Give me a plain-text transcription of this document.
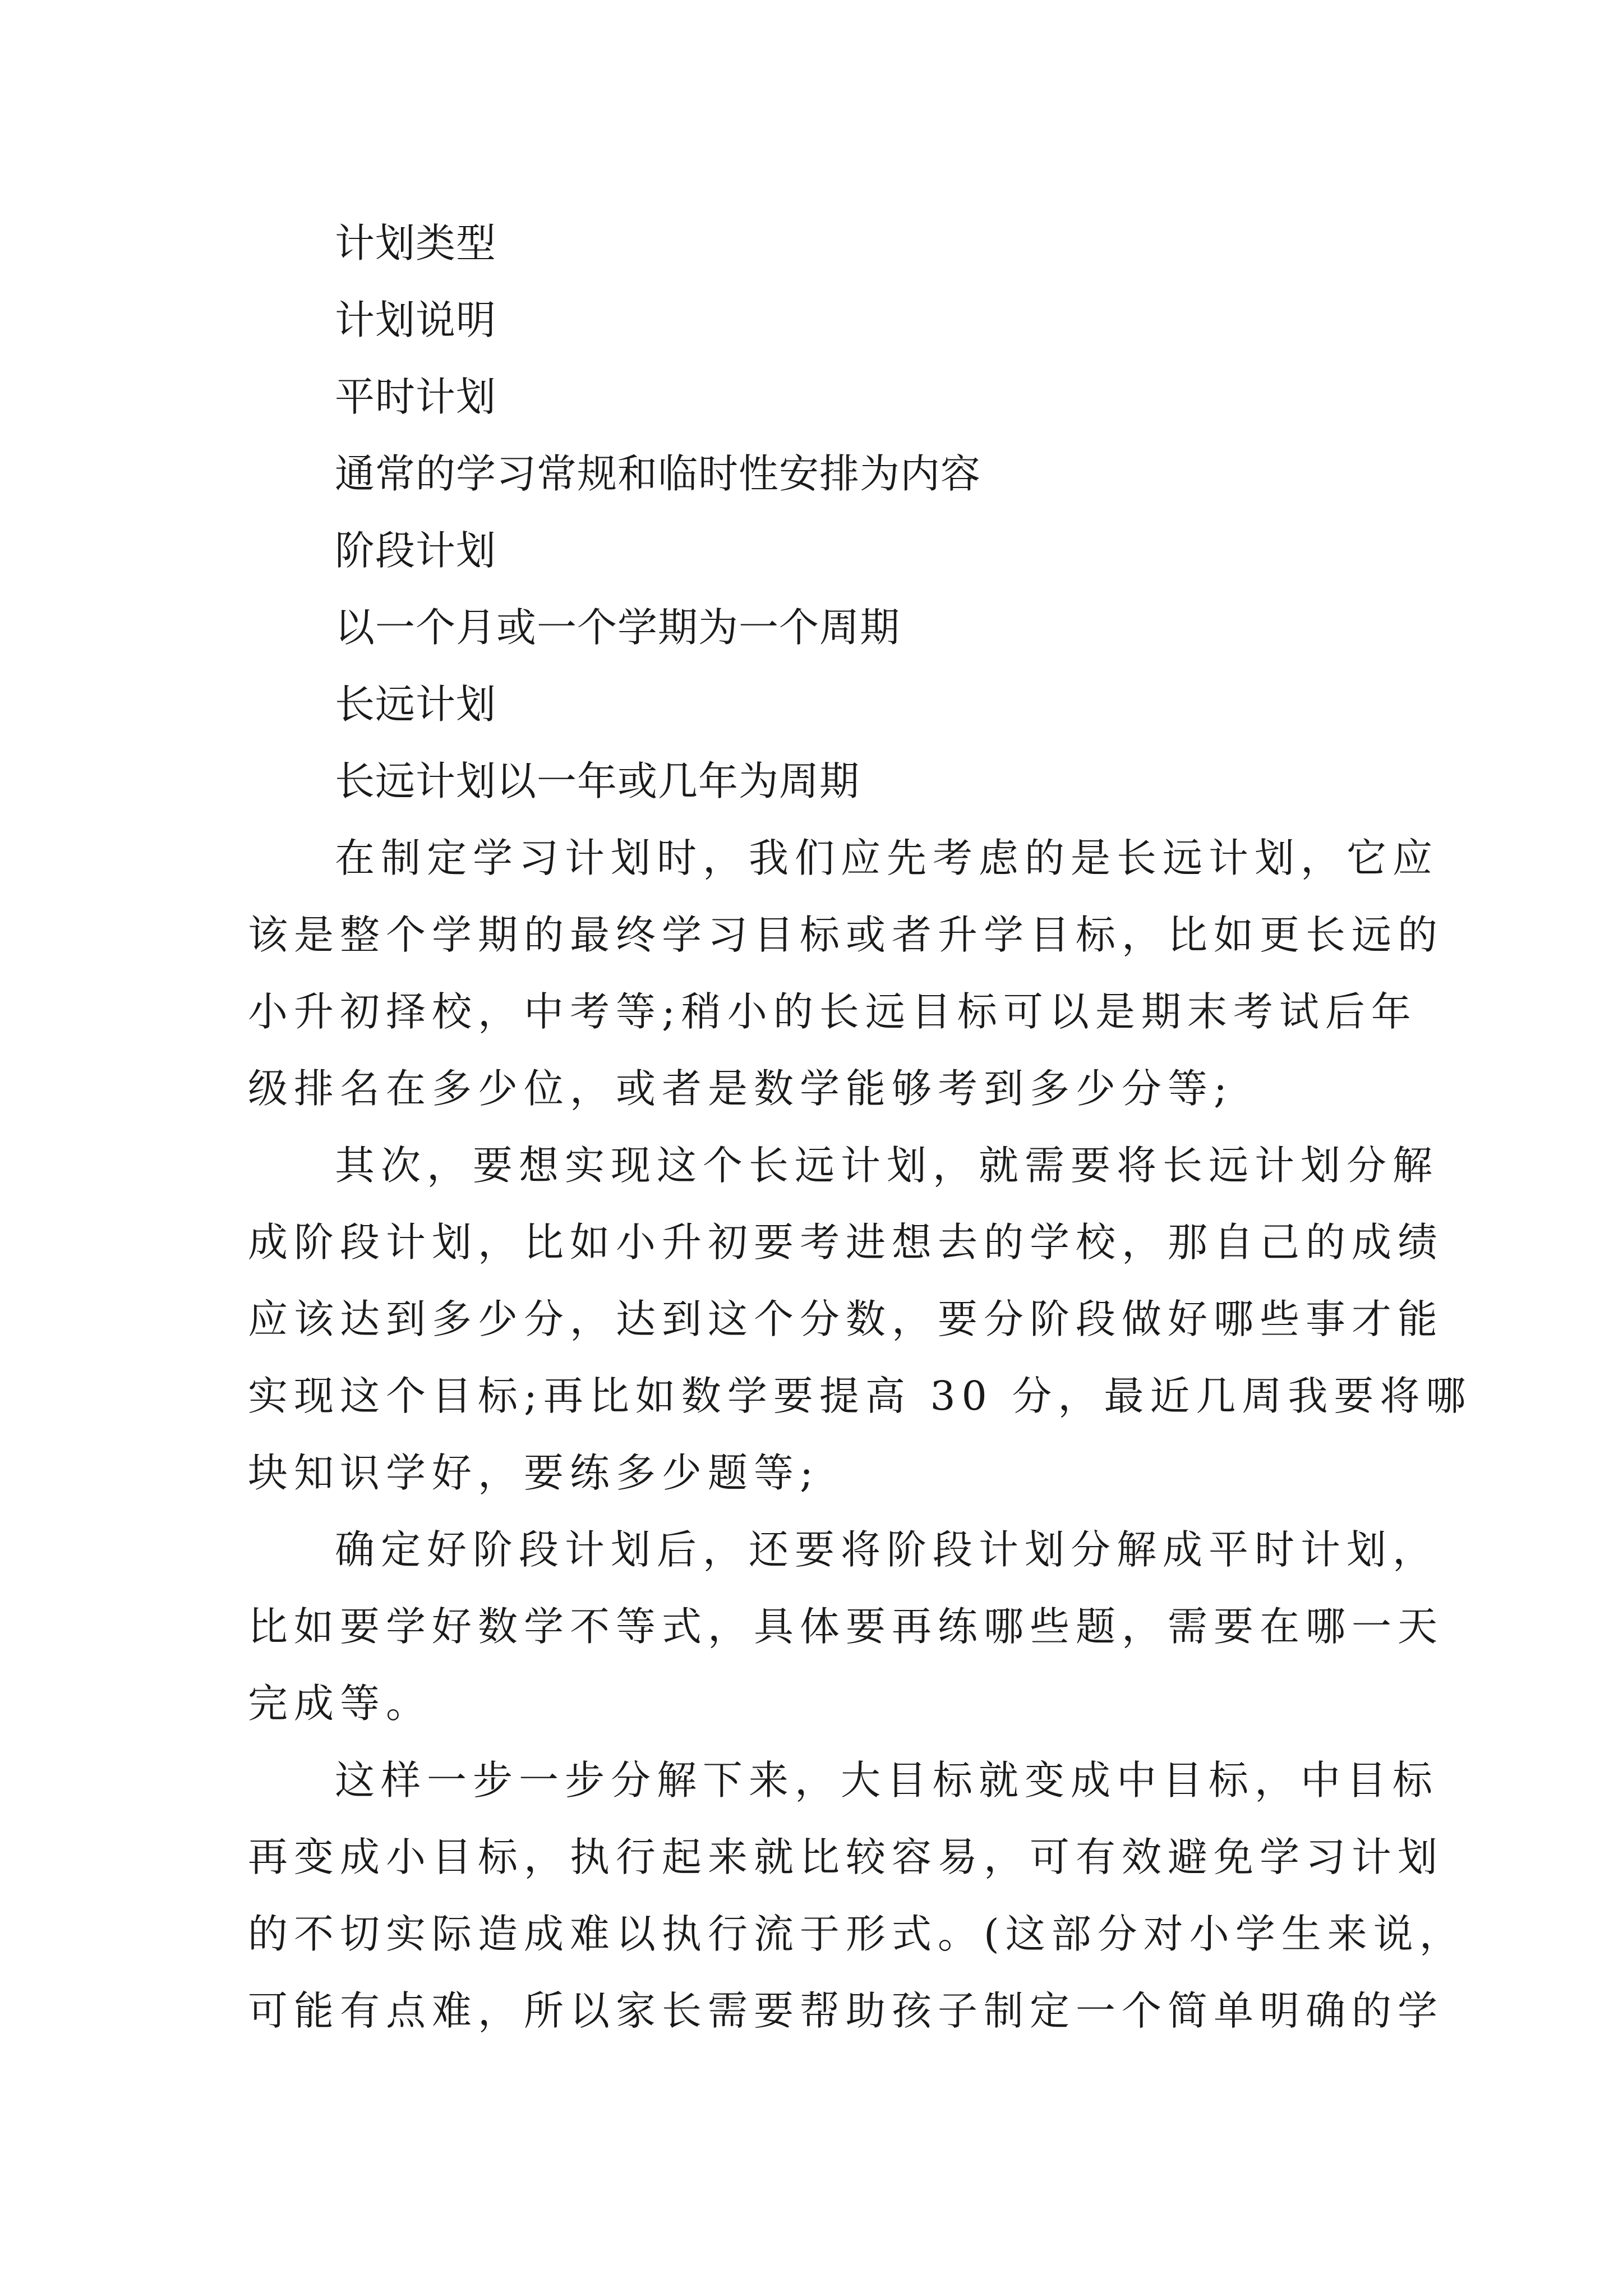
计划类型
计划说明
平时计划
通常的学习常规和临时性安排为内容
阶段计划
以一个月或一个学期为一个周期
长远计划
长远计划以一年或几年为周期
在制定学习计划时，我们应先考虑的是长远计划，它应
该是整个学期的最终学习目标或者升学目标，比如更长远的
小升初择校，中考等;稍小的长远目标可以是期末考试后年
级排名在多少位，或者是数学能够考到多少分等;
其次，要想实现这个长远计划，就需要将长远计划分解
成阶段计划，比如小升初要考进想去的学校，那自己的成绩
应该达到多少分，达到这个分数，要分阶段做好哪些事才能
实现这个目标;再比如数学要提高 30 分，最近几周我要将哪
块知识学好，要练多少题等;
确定好阶段计划后，还要将阶段计划分解成平时计划，
比如要学好数学不等式，具体要再练哪些题，需要在哪一天
完成等。
这样一步一步分解下来，大目标就变成中目标，中目标
再变成小目标，执行起来就比较容易，可有效避免学习计划
的不切实际造成难以执行流于形式。(这部分对小学生来说，
可能有点难，所以家长需要帮助孩子制定一个简单明确的学
